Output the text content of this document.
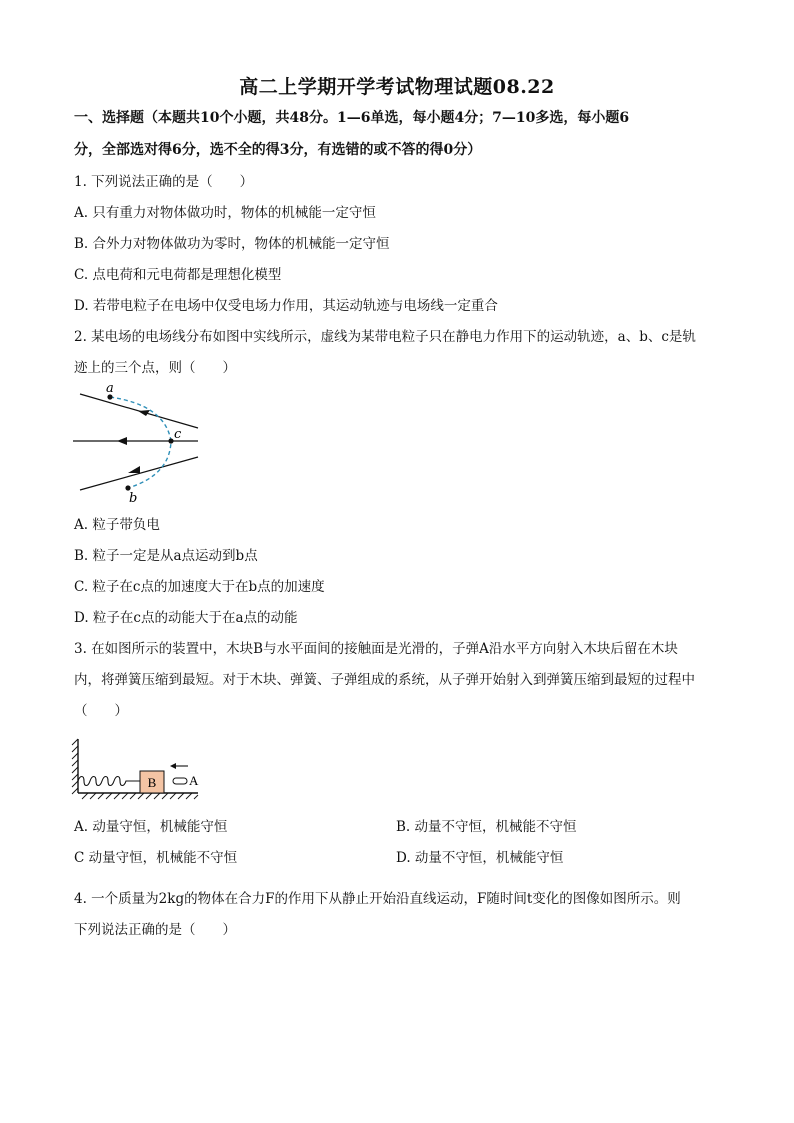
高二上学期开学考试物理试题08.22
一、选择题（本题共10个小题，共48分。1—6单选，每小题4分；7—10多选，每小题6
分，全部选对得6分，选不全的得3分，有选错的或不答的得0分）
1. 下列说法正确的是（　　）
A. 只有重力对物体做功时，物体的机械能一定守恒
B. 合外力对物体做功为零时，物体的机械能一定守恒
C. 点电荷和元电荷都是理想化模型
D. 若带电粒子在电场中仅受电场力作用，其运动轨迹与电场线一定重合
2. 某电场的电场线分布如图中实线所示，虚线为某带电粒子只在静电力作用下的运动轨迹，a、b、c是轨
迹上的三个点，则（　　）
a
c
b
A. 粒子带负电
B. 粒子一定是从a点运动到b点
C. 粒子在c点的加速度大于在b点的加速度
D. 粒子在c点的动能大于在a点的动能
3. 在如图所示的装置中，木块B与水平面间的接触面是光滑的，子弹A沿水平方向射入木块后留在木块
内，将弹簧压缩到最短。对于木块、弹簧、子弹组成的系统，从子弹开始射入到弹簧压缩到最短的过程中
（　　）
B	A
A. 动量守恒，机械能守恒	B. 动量不守恒，机械能不守恒
C 动量守恒，机械能不守恒	D. 动量不守恒，机械能守恒
4. 一个质量为2kg的物体在合力F的作用下从静止开始沿直线运动，F随时间t变化的图像如图所示。则
下列说法正确的是（　　）
